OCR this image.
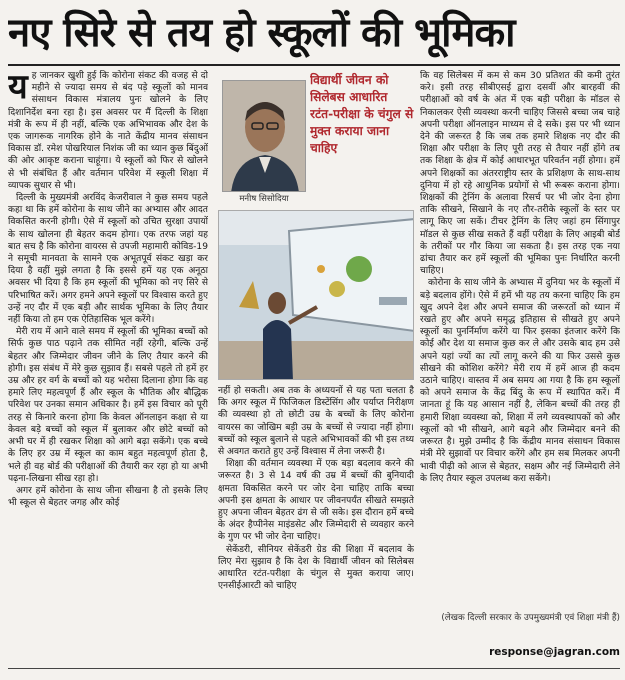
नए सिरे से तय हो स्कूलों की भूमिका
य ह जानकर खुशी हुई कि कोरोना संकट की वजह से दो महीने से ज्यादा समय से बंद पड़े स्कूलों को मानव संसाधन विकास मंत्रालय पुनः खोलने के लिए दिशानिर्देश बना रहा है। इस अवसर पर मैं दिल्ली के शिक्षा मंत्री के रूप में ही नहीं, बल्कि एक अभिभावक और देश के एक जागरूक नागरिक होने के नाते केंद्रीय मानव संसाधन विकास डॉ. रमेश पोखरियाल निशंक जी का ध्यान कुछ बिंदुओं की ओर आकृष्ट कराना चाहूंगा। ये स्कूलों को फिर से खोलने से भी संबंधित हैं और वर्तमान परिवेश में स्कूली शिक्षा में व्यापक सुधार से भी।

दिल्ली के मुख्यमंत्री अरविंद केजरीवाल ने कुछ समय पहले कहा था कि हमें कोरोना के साथ जीने का अभ्यास और आदत विकसित करनी होगी। ऐसे में स्कूलों को उचित सुरक्षा उपायों के साथ खोलना ही बेहतर कदम होगा। एक तरफ जहां यह बात सच है कि कोरोना वायरस से उपजी महामारी कोविड-19 ने समूची मानवता के सामने एक अभूतपूर्व संकट खड़ा कर दिया है वहीं मुझे लगता है कि इससे हमें यह एक अनूठा अवसर भी दिया है कि हम स्कूलों की भूमिका को नए सिरे से परिभाषित करें। अगर हमने अपने स्कूलों पर विश्वास करते हुए उन्हें नए दौर में एक बड़ी और सार्थक भूमिका के लिए तैयार नहीं किया तो हम एक ऐतिहासिक भूल करेंगे।

मेरी राय में आने वाले समय में स्कूलों की भूमिका बच्चों को सिर्फ कुछ पाठ पढ़ाने तक सीमित नहीं रहेगी, बल्कि उन्हें बेहतर और जिम्मेदार जीवन जीने के लिए तैयार करने की होगी। इस संबंध में मेरे कुछ सुझाव हैं। सबसे पहले तो हमें हर उम्र और हर वर्ग के बच्चों को यह भरोसा दिलाना होगा कि वह हमारे लिए महत्वपूर्ण हैं और स्कूल के भौतिक और बौद्धिक परिवेश पर उनका समान अधिकार है। हमें इस विचार को पूरी तरह से किनारे करना होगा कि केवल ऑनलाइन कक्षा से या केवल बड़े बच्चों को स्कूल में बुलाकर और छोटे बच्चों को अभी घर में ही रखकर शिक्षा को आगे बढ़ा सकेंगे। एक बच्चे के लिए हर उम्र में स्कूल का काम बहुत महत्वपूर्ण होता है, भले ही वह बोर्ड की परीक्षाओं की तैयारी कर रहा हो या अभी पढ़ना-लिखना सीख रहा हो।

अगर हमें कोरोना के साथ जीना सीखना है तो इसके लिए भी स्कूल से बेहतर जगह और कोई

मनीष सिसोदिया
विद्यार्थी जीवन को सिलेबस आधारित रटंत-परीक्षा के चंगुल से मुक्त कराया जाना चाहिए

नहीं हो सकती। अब तक के अध्ययनों से यह पता चलता है कि अगर स्कूल में फिजिकल डिस्टेंसिंग और पर्याप्त निरीक्षण की व्यवस्था हो तो छोटी उम्र के बच्चों के लिए कोरोना वायरस का जोखिम बड़ी उम्र के बच्चों से ज्यादा नहीं होगा। बच्चों को स्कूल बुलाने से पहले अभिभावकों की भी इस तथ्य से अवगत कराते हुए उन्हें विश्वास में लेना जरूरी है।

शिक्षा की वर्तमान व्यवस्था में एक बड़ा बदलाव करने की जरूरत है। 3 से 14 वर्ष की उम्र में बच्चों की बुनियादी क्षमता विकसित करने पर जोर देना चाहिए ताकि बच्चा अपनी इस क्षमता के आधार पर जीवनपर्यंत सीखते समझते हुए अपना जीवन बेहतर ढंग से जी सके। इस दौरान हमें बच्चे के अंदर हैप्पीनेस माइंडसेट और जिम्मेदारी से व्यवहार करने के गुण पर भी जोर देना चाहिए।

सेकेंडरी, सीनियर सेकेंडरी ग्रेड की शिक्षा में बदलाव के लिए मेरा सुझाव है कि देश के विद्यार्थी जीवन को सिलेबस आधारित रटंत-परीक्षा के चंगुल से मुक्त कराया जाए। एनसीईआरटी को चाहिए

कि वह सिलेबस में कम से कम 30 प्रतिशत की कमी तुरंत करे। इसी तरह सीबीएसई द्वारा दसवीं और बारहवीं की परीक्षाओं को वर्ष के अंत में एक बड़ी परीक्षा के मॉडल से निकालकर ऐसी व्यवस्था करनी चाहिए जिससे बच्चा जब चाहे अपनी परीक्षा ऑनलाइन माध्यम से दे सके। इस पर भी ध्यान देने की जरूरत है कि जब तक हमारे शिक्षक नए दौर की शिक्षा और परीक्षा के लिए पूरी तरह से तैयार नहीं होंगे तब तक शिक्षा के क्षेत्र में कोई आधारभूत परिवर्तन नहीं होगा। हमें अपने शिक्षकों का अंतरराष्ट्रीय स्तर के प्रशिक्षण के साथ-साथ दुनिया में हो रहे आधुनिक प्रयोगों से भी रूबरू कराना होगा। शिक्षकों की ट्रेनिंग के अलावा रिसर्च पर भी जोर देना होगा ताकि सीखने, सिखाने के नए तौर-तरीके स्कूलों के स्तर पर लागू किए जा सकें। टीचर ट्रेनिंग के लिए जहां हम सिंगापुर मॉडल से कुछ सीख सकते हैं वहीं परीक्षा के लिए आइबी बोर्ड के तरीकों पर गौर किया जा सकता है। इस तरह एक नया ढांचा तैयार कर हमें स्कूलों की भूमिका पुनः निर्धारित करनी चाहिए।

कोरोना के साथ जीने के अभ्यास में दुनिया भर के स्कूलों में बड़े बदलाव होंगे। ऐसे में हमें भी यह तय करना चाहिए कि हम खुद अपने देश और अपने समाज की जरूरतों को ध्यान में रखते हुए और अपने समृद्ध इतिहास से सीखते हुए अपने स्कूलों का पुनर्निर्माण करेंगे या फिर इसका इंतजार करेंगे कि कोई और देश या समाज कुछ कर ले और उसके बाद हम उसे अपने यहां ज्यों का त्यों लागू करने की या फिर उससे कुछ सीखने की कोशिश करेंगे? मेरी राय में हमें आज ही कदम उठाने चाहिए। वास्तव में अब समय आ गया है कि हम स्कूलों को अपने समाज के केंद्र बिंदु के रूप में स्थापित करें। मैं जानता हूं कि यह आसान नहीं है, लेकिन बच्चों की तरह ही हमारी शिक्षा व्यवस्था को, शिक्षा में लगे व्यवस्थापकों को और स्कूलों को भी सीखने, आगे बढ़ने और जिम्मेदार बनने की जरूरत है। मुझे उम्मीद है कि केंद्रीय मानव संसाधन विकास मंत्री मेरे सुझावों पर विचार करेंगे और हम सब मिलकर अपनी भावी पीढ़ी को आज से बेहतर, सक्षम और नई जिम्मेदारी लेने के लिए तैयार स्कूल उपलब्ध करा सकेंगे।

(लेखक दिल्ली सरकार के उपमुख्यमंत्री एवं शिक्षा मंत्री हैं)
response@jagran.com
